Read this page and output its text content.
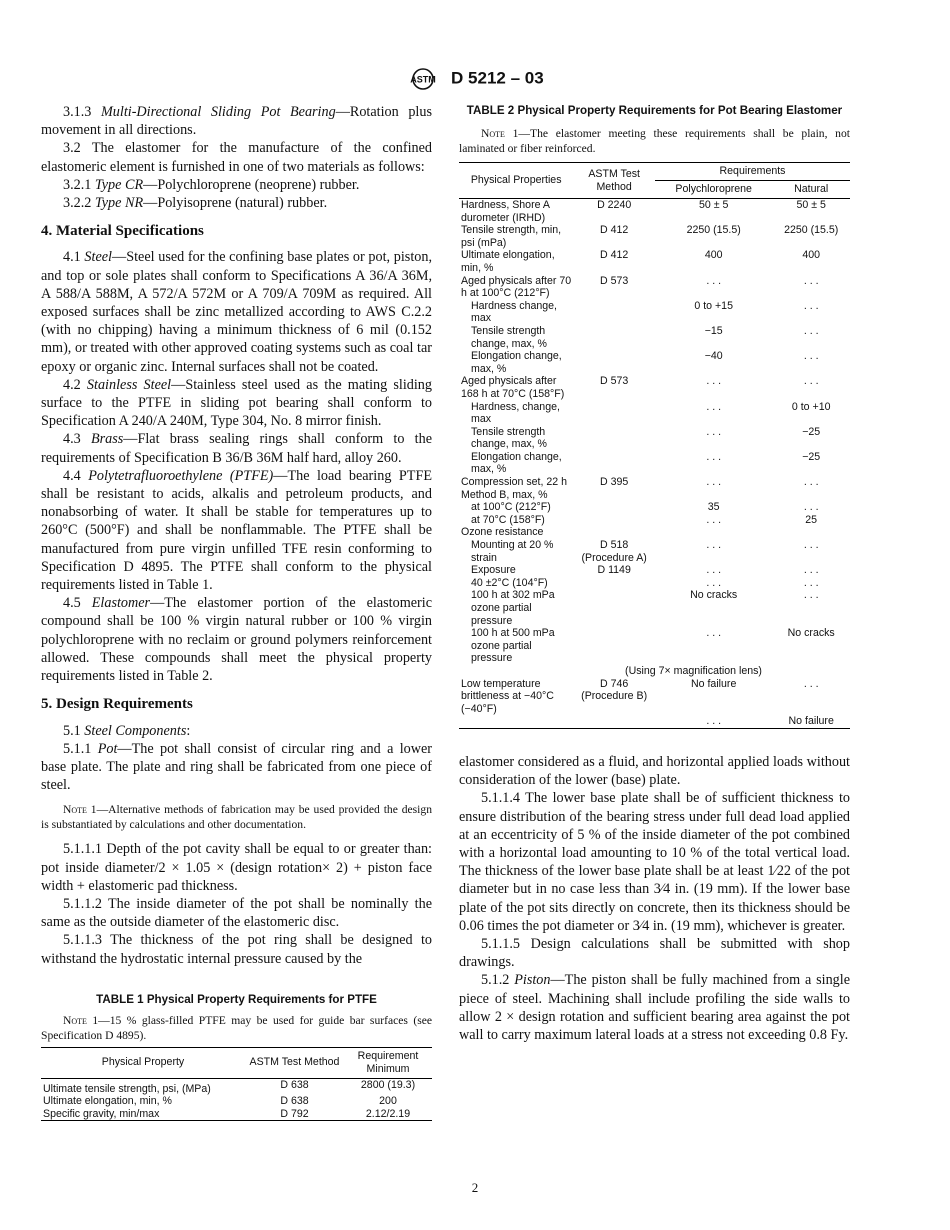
ASTM D 5212 – 03

3.1.3 Multi-Directional Sliding Pot Bearing—Rotation plus movement in all directions.

3.2 The elastomer for the manufacture of the confined elastomeric element is furnished in one of two materials as follows:

3.2.1 Type CR—Polychloroprene (neoprene) rubber.

3.2.2 Type NR—Polyisoprene (natural) rubber.

4. Material Specifications

4.1 Steel—Steel used for the confining base plates or pot, piston, and top or sole plates shall conform to Specifications A 36/A 36M, A 588/A 588M, A 572/A 572M or A 709/A 709M as required. All exposed surfaces shall be zinc metallized according to AWS C.2.2 (with no chipping) having a minimum thickness of 6 mil (0.152 mm), or treated with other approved coating systems such as coal tar epoxy or organic zinc. Internal surfaces shall not be coated.

4.2 Stainless Steel—Stainless steel used as the mating sliding surface to the PTFE in sliding pot bearing shall conform to Specification A 240/A 240M, Type 304, No. 8 mirror finish.

4.3 Brass—Flat brass sealing rings shall conform to the requirements of Specification B 36/B 36M half hard, alloy 260.

4.4 Polytetrafluoroethylene (PTFE)—The load bearing PTFE shall be resistant to acids, alkalis and petroleum products, and nonabsorbing of water. It shall be stable for temperatures up to 260°C (500°F) and shall be nonflammable. The PTFE shall be manufactured from pure virgin unfilled TFE resin conforming to Specification D 4895. The PTFE shall conform to the physical requirements listed in Table 1.

4.5 Elastomer—The elastomer portion of the elastomeric compound shall be 100 % virgin natural rubber or 100 % virgin polychloroprene with no reclaim or ground polymers reinforcement allowed. These compounds shall meet the physical property requirements listed in Table 2.

5. Design Requirements

5.1 Steel Components:

5.1.1 Pot—The pot shall consist of circular ring and a lower base plate. The plate and ring shall be fabricated from one piece of steel.

Note 1—Alternative methods of fabrication may be used provided the design is substantiated by calculations and other documentation.

5.1.1.1 Depth of the pot cavity shall be equal to or greater than: pot inside diameter/2 × 1.05 × (design rotation× 2) + piston face width + elastomeric pad thickness.

5.1.1.2 The inside diameter of the pot shall be nominally the same as the outside diameter of the elastomeric disc.

5.1.1.3 The thickness of the pot ring shall be designed to withstand the hydrostatic internal pressure caused by the

TABLE 1 Physical Property Requirements for PTFE
Note 1—15 % glass-filled PTFE may be used for guide bar surfaces (see Specification D 4895).
Physical Property	ASTM Test Method	Requirement Minimum
Ultimate tensile strength, psi, (MPa)	D 638	2800 (19.3)
Ultimate elongation, min, %	D 638	200
Specific gravity, min/max	D 792	2.12/2.19
TABLE 2 Physical Property Requirements for Pot Bearing Elastomer
Note 1—The elastomer meeting these requirements shall be plain, not laminated or fiber reinforced.
Physical Properties	ASTM Test Method	Requirements	
		Polychloroprene	Natural
Hardness, Shore A durometer (IRHD)	D 2240	50 ± 5	50 ± 5
Tensile strength, min, psi (mPa)	D 412	2250 (15.5)	2250 (15.5)
Ultimate elongation, min, %	D 412	400	400
Aged physicals after 70 h at 100°C (212°F)	D 573	. . .	. . .
Hardness change, max		0 to +15	. . .
Tensile strength change, max, %		−15	. . .
Elongation change, max, %		−40	. . .
Aged physicals after 168 h at 70°C (158°F)	D 573	. . .	. . .
Hardness, change, max		. . .	0 to +10
Tensile strength change, max, %		. . .	−25
Elongation change, max, %		. . .	−25
Compression set, 22 h Method B, max, %	D 395	. . .	. . .
at 100°C (212°F)		35	. . .
at 70°C (158°F)		. . .	25
Ozone resistance			
Mounting at 20 % strain	D 518 (Procedure A)	. . .	. . .
Exposure	D 1149	. . .	. . .
40 ±2°C (104°F)		. . .	. . .
100 h at 302 mPa ozone partial pressure		No cracks	. . .
100 h at 500 mPa ozone partial pressure		. . .	No cracks
(Using 7× magnification lens)			
Low temperature brittleness at −40°C (−40°F)	D 746 (Procedure B)	No failure	. . .
		. . .	No failure

elastomer considered as a fluid, and horizontal applied loads without consideration of the lower (base) plate.

5.1.1.4 The lower base plate shall be of sufficient thickness to ensure distribution of the bearing stress under full dead load applied at an eccentricity of 5 % of the inside diameter of the pot combined with a horizontal load amounting to 10 % of the total vertical load. The thickness of the lower base plate shall be at least 1⁄22 of the pot diameter but in no case less than 3⁄4 in. (19 mm). If the lower base plate of the pot sits directly on concrete, then its thickness should be 0.06 times the pot diameter or 3⁄4 in. (19 mm), whichever is greater.

5.1.1.5 Design calculations shall be submitted with shop drawings.

5.1.2 Piston—The piston shall be fully machined from a single piece of steel. Machining shall include profiling the side walls to allow 2 × design rotation and sufficient bearing area against the pot wall to carry maximum lateral loads at a stress not exceeding 0.8 Fy.

2
